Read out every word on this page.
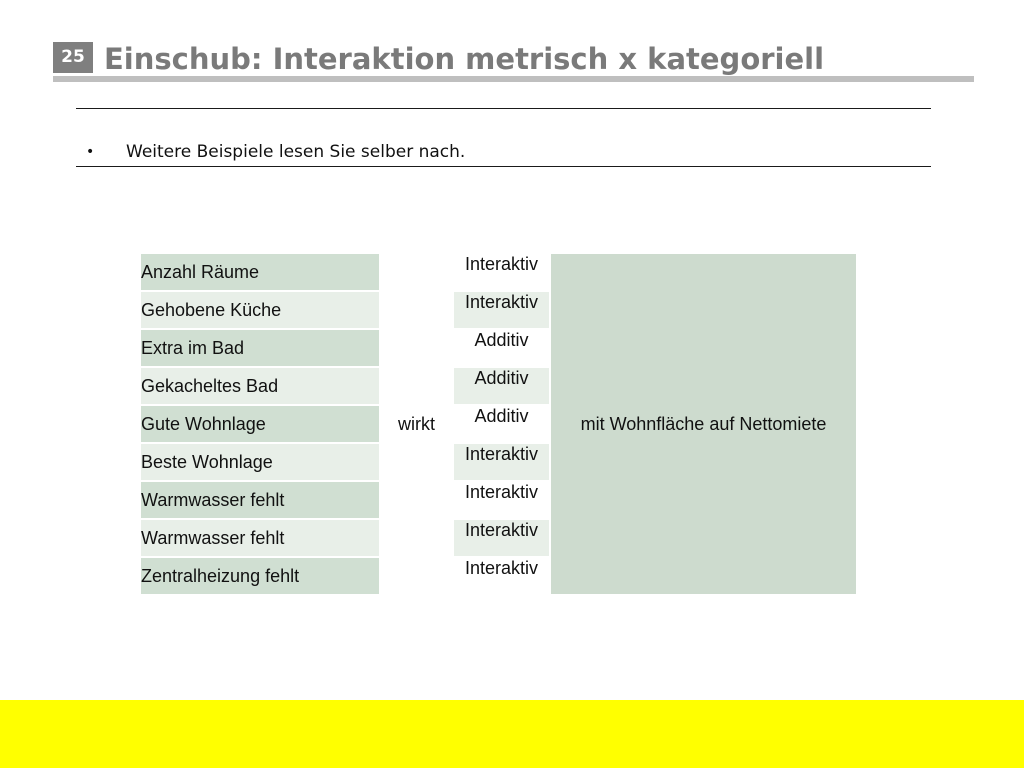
25 Einschub: Interaktion metrisch x kategoriell
•	Weitere Beispiele lesen Sie selber nach.
Anzahl Räume	wirkt	Interaktiv	mit Wohnfläche auf Nettomiete
Gehobene Küche		Interaktiv	
Extra im Bad		Additiv	
Gekacheltes Bad		Additiv	
Gute Wohnlage		Additiv	
Beste Wohnlage		Interaktiv	
Warmwasser fehlt		Interaktiv	
Warmwasser fehlt		Interaktiv	
Zentralheizung fehlt		Interaktiv	
